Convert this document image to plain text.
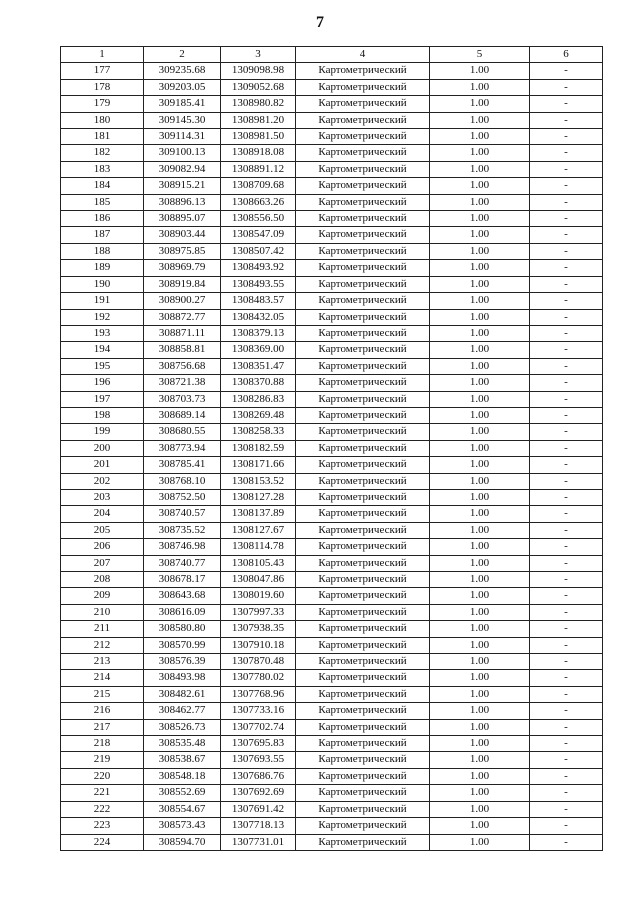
7
1	2	3	4	5	6
177	309235.68	1309098.98	Картометрический	1.00	-
178	309203.05	1309052.68	Картометрический	1.00	-
179	309185.41	1308980.82	Картометрический	1.00	-
180	309145.30	1308981.20	Картометрический	1.00	-
181	309114.31	1308981.50	Картометрический	1.00	-
182	309100.13	1308918.08	Картометрический	1.00	-
183	309082.94	1308891.12	Картометрический	1.00	-
184	308915.21	1308709.68	Картометрический	1.00	-
185	308896.13	1308663.26	Картометрический	1.00	-
186	308895.07	1308556.50	Картометрический	1.00	-
187	308903.44	1308547.09	Картометрический	1.00	-
188	308975.85	1308507.42	Картометрический	1.00	-
189	308969.79	1308493.92	Картометрический	1.00	-
190	308919.84	1308493.55	Картометрический	1.00	-
191	308900.27	1308483.57	Картометрический	1.00	-
192	308872.77	1308432.05	Картометрический	1.00	-
193	308871.11	1308379.13	Картометрический	1.00	-
194	308858.81	1308369.00	Картометрический	1.00	-
195	308756.68	1308351.47	Картометрический	1.00	-
196	308721.38	1308370.88	Картометрический	1.00	-
197	308703.73	1308286.83	Картометрический	1.00	-
198	308689.14	1308269.48	Картометрический	1.00	-
199	308680.55	1308258.33	Картометрический	1.00	-
200	308773.94	1308182.59	Картометрический	1.00	-
201	308785.41	1308171.66	Картометрический	1.00	-
202	308768.10	1308153.52	Картометрический	1.00	-
203	308752.50	1308127.28	Картометрический	1.00	-
204	308740.57	1308137.89	Картометрический	1.00	-
205	308735.52	1308127.67	Картометрический	1.00	-
206	308746.98	1308114.78	Картометрический	1.00	-
207	308740.77	1308105.43	Картометрический	1.00	-
208	308678.17	1308047.86	Картометрический	1.00	-
209	308643.68	1308019.60	Картометрический	1.00	-
210	308616.09	1307997.33	Картометрический	1.00	-
211	308580.80	1307938.35	Картометрический	1.00	-
212	308570.99	1307910.18	Картометрический	1.00	-
213	308576.39	1307870.48	Картометрический	1.00	-
214	308493.98	1307780.02	Картометрический	1.00	-
215	308482.61	1307768.96	Картометрический	1.00	-
216	308462.77	1307733.16	Картометрический	1.00	-
217	308526.73	1307702.74	Картометрический	1.00	-
218	308535.48	1307695.83	Картометрический	1.00	-
219	308538.67	1307693.55	Картометрический	1.00	-
220	308548.18	1307686.76	Картометрический	1.00	-
221	308552.69	1307692.69	Картометрический	1.00	-
222	308554.67	1307691.42	Картометрический	1.00	-
223	308573.43	1307718.13	Картометрический	1.00	-
224	308594.70	1307731.01	Картометрический	1.00	-
